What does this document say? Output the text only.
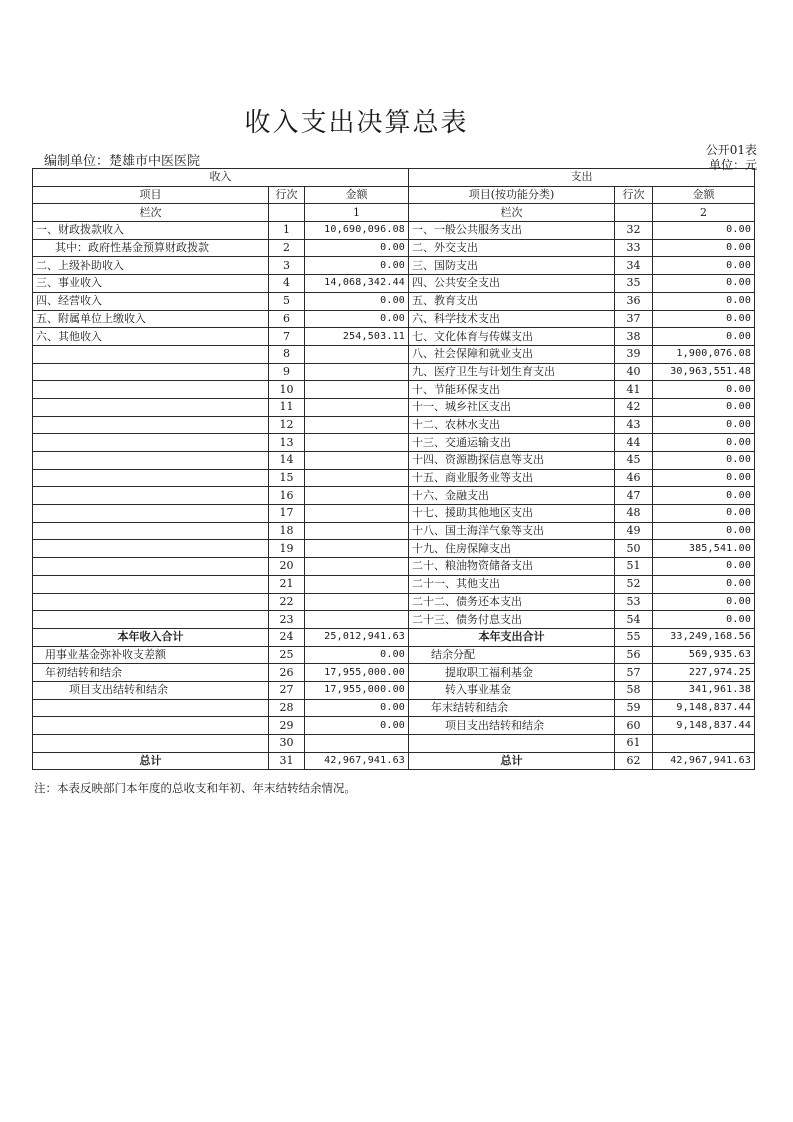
收入支出决算总表
公开01表
编制单位：楚雄市中医医院	单位：元
收入			支出		
项目	行次	金额	项目(按功能分类)	行次	金额
栏次		1	栏次		2
一、财政拨款收入	1	10,690,096.08	一、一般公共服务支出	32	0.00
其中：政府性基金预算财政拨款	2	0.00	二、外交支出	33	0.00
二、上级补助收入	3	0.00	三、国防支出	34	0.00
三、事业收入	4	14,068,342.44	四、公共安全支出	35	0.00
四、经营收入	5	0.00	五、教育支出	36	0.00
五、附属单位上缴收入	6	0.00	六、科学技术支出	37	0.00
六、其他收入	7	254,503.11	七、文化体育与传媒支出	38	0.00
	8		八、社会保障和就业支出	39	1,900,076.08
	9		九、医疗卫生与计划生育支出	40	30,963,551.48
	10		十、节能环保支出	41	0.00
	11		十一、城乡社区支出	42	0.00
	12		十二、农林水支出	43	0.00
	13		十三、交通运输支出	44	0.00
	14		十四、资源勘探信息等支出	45	0.00
	15		十五、商业服务业等支出	46	0.00
	16		十六、金融支出	47	0.00
	17		十七、援助其他地区支出	48	0.00
	18		十八、国土海洋气象等支出	49	0.00
	19		十九、住房保障支出	50	385,541.00
	20		二十、粮油物资储备支出	51	0.00
	21		二十一、其他支出	52	0.00
	22		二十二、债务还本支出	53	0.00
	23		二十三、债务付息支出	54	0.00
本年收入合计	24	25,012,941.63	本年支出合计	55	33,249,168.56
用事业基金弥补收支差额	25	0.00	结余分配	56	569,935.63
年初结转和结余	26	17,955,000.00	提取职工福利基金	57	227,974.25
项目支出结转和结余	27	17,955,000.00	转入事业基金	58	341,961.38
	28	0.00	年末结转和结余	59	9,148,837.44
	29	0.00	项目支出结转和结余	60	9,148,837.44
	30			61	
总计	31	42,967,941.63	总计	62	42,967,941.63
注：本表反映部门本年度的总收支和年初、年末结转结余情况。
